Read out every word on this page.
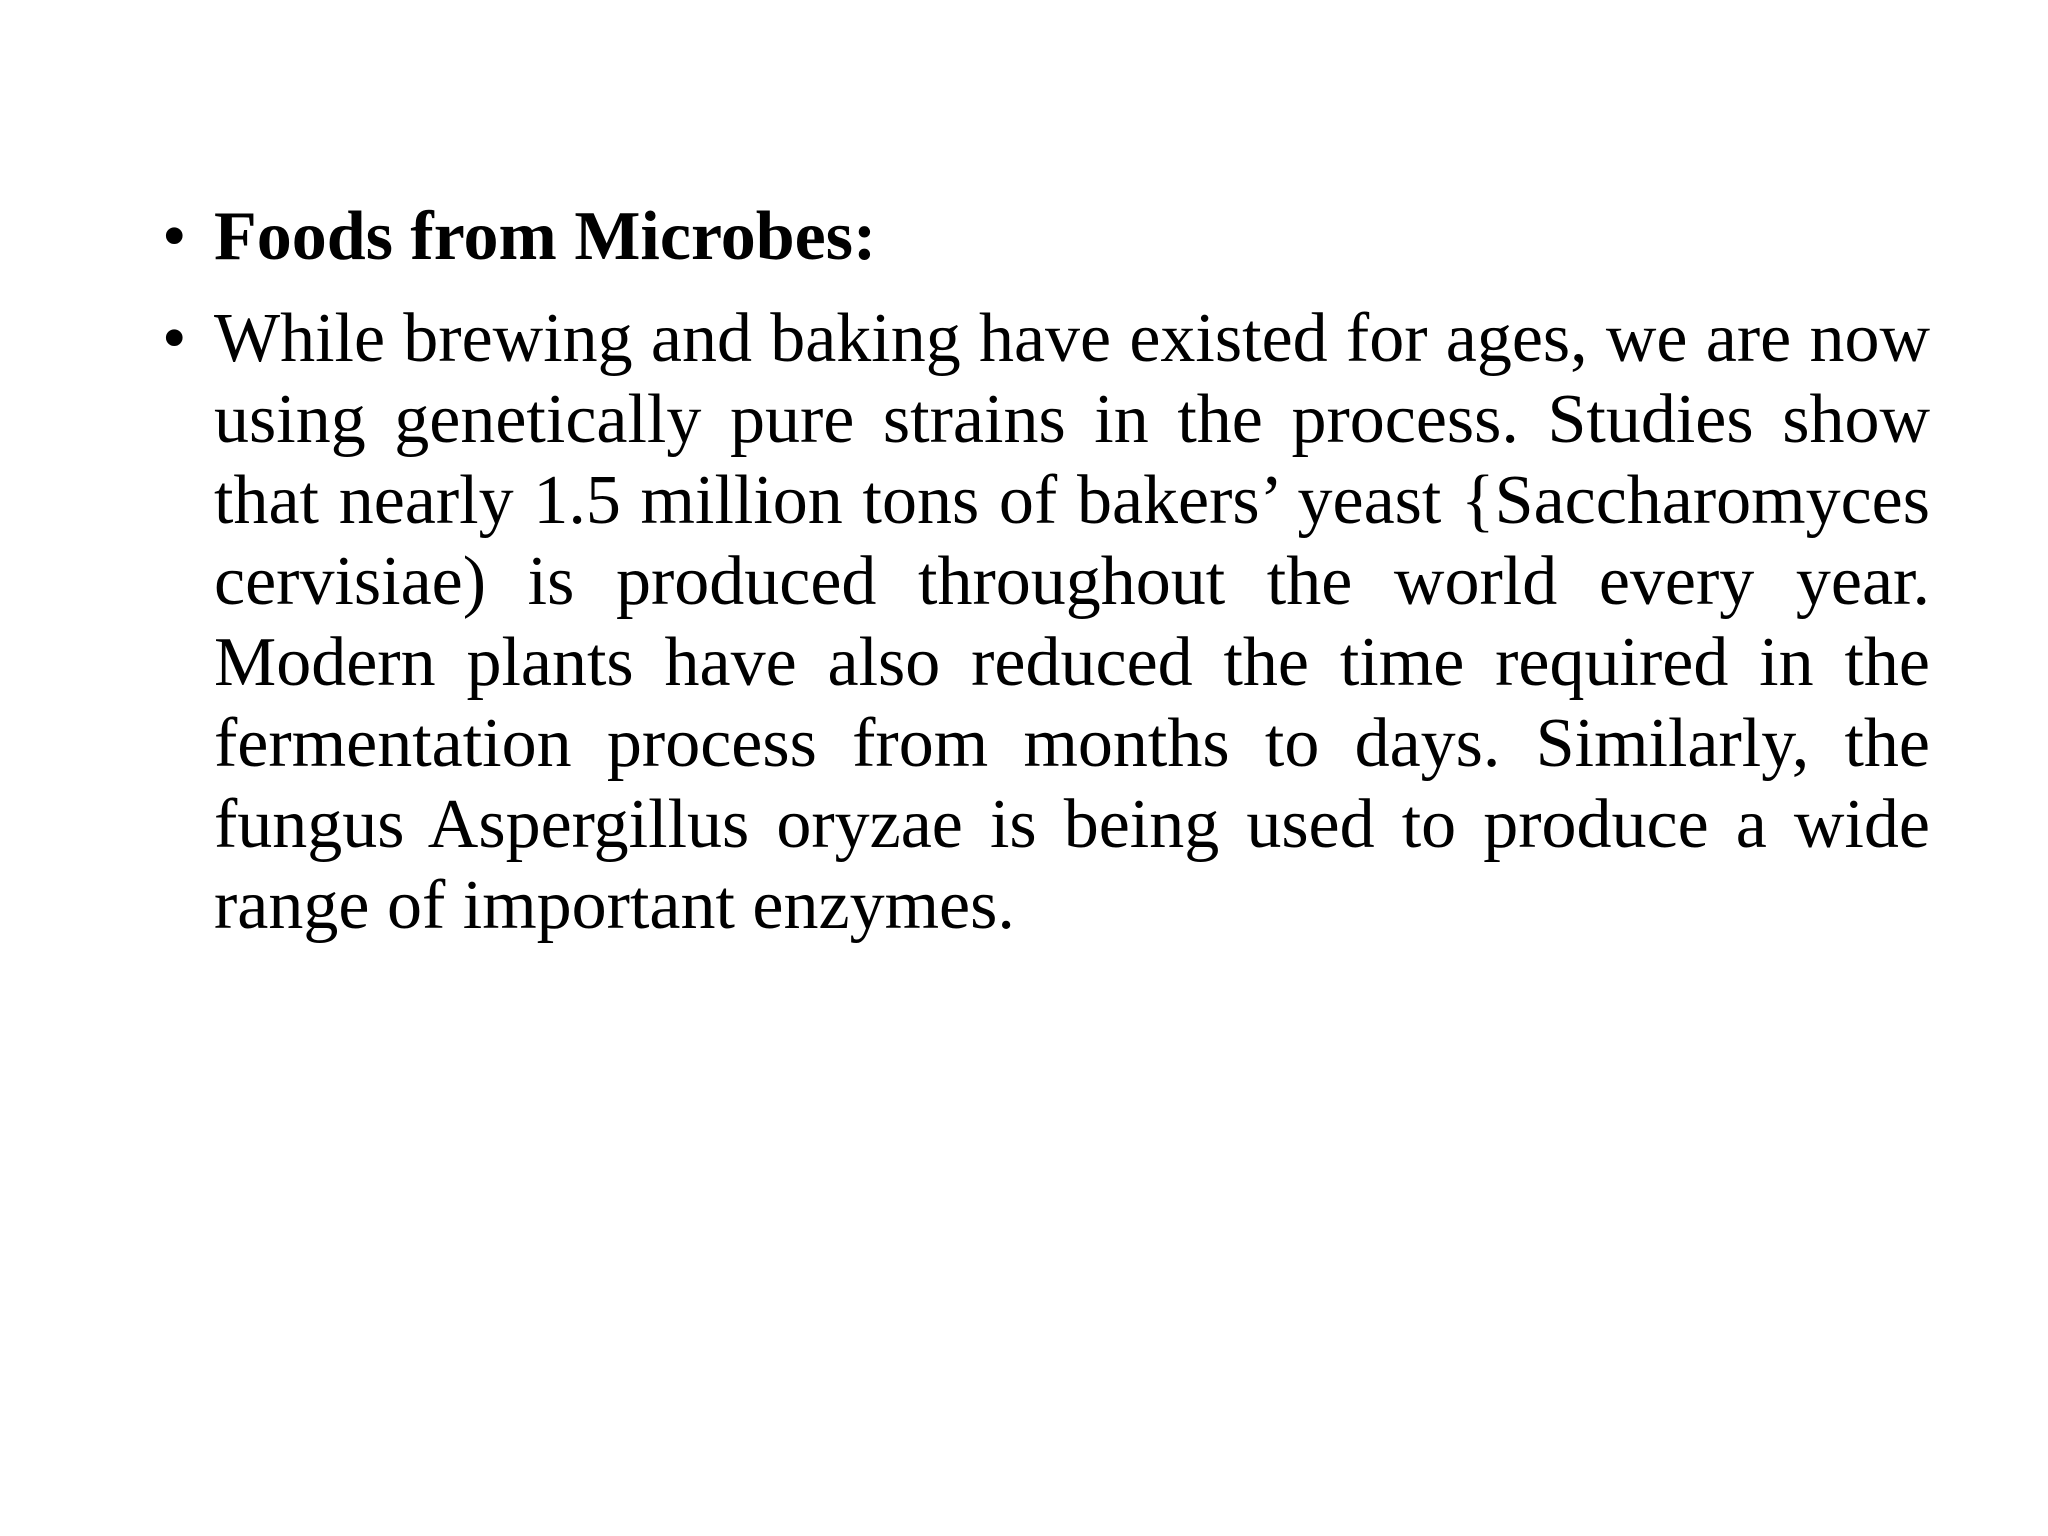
• Foods from Microbes:
• While brewing and baking have existed for ages, we are now using genetically pure strains in the process. Studies show that nearly 1.5 million tons of bakers’ yeast {Saccharomyces cervisiae) is produced throughout the world every year. Modern plants have also reduced the time required in the fermentation process from months to days. Similarly, the fungus Aspergillus oryzae is being used to produce a wide range of important enzymes.
